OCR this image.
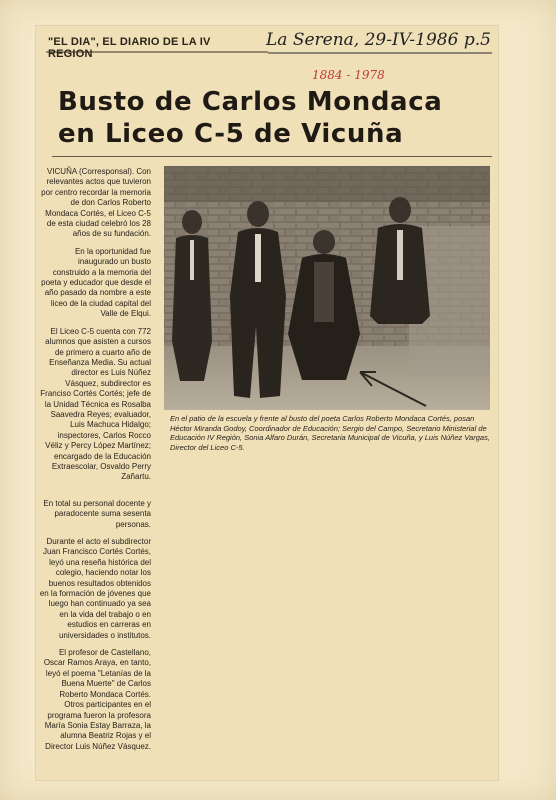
"EL DIA", EL DIARIO DE LA IV REGION
La Serena, 29-IV-1986 p.5
1884 - 1978
Busto de Carlos Mondaca
en Liceo C-5 de Vicuña

VICUÑA (Corresponsal). Con relevantes actos que tuvieron por centro recordar la memoria de don Carlos Roberto Mondaca Cortés, el Liceo C-5 de esta ciudad celebró los 28 años de su fundación.

En la oportunidad fue inaugurado un busto construido a la memoria del poeta y educador que desde el año pasado da nombre a este liceo de la ciudad capital del Valle de Elqui.

El Liceo C-5 cuenta con 772 alumnos que asisten a cursos de primero a cuarto año de Enseñanza Media. Su actual director es Luis Núñez Vásquez, subdirector es Franciso Cortés Cortés; jefe de la Unidad Técnica es Rosalba Saavedra Reyes; evaluador, Luis Machuca Hidalgo; inspectores, Carlos Rocco Véliz y Percy López Martínez; encargado de la Educación Extraescolar, Osvaldo Perry Zañartu.

En total su personal docente y paradocente suma sesenta personas.

Durante el acto el subdirector Juan Francisco Cortés Cortés, leyó una reseña histórica del colegio, haciendo notar los buenos resultados obtenidos en la formación de jóvenes que luego han continuado ya sea en la vida del trabajo o en estudios en carreras en universidades o institutos.

El profesor de Castellano, Oscar Ramos Araya, en tanto, leyó el poema "Letanías de la Buena Muerte" de Carlos Roberto Mondaca Cortés. Otros participantes en el programa fueron la profesora María Sonia Estay Barraza, la alumna Beatriz Rojas y el Director Luis Núñez Vásquez.

En el patio de la escuela y frente al busto del poeta Carlos Roberto Mondaca Cortés, posan Héctor Miranda Godoy, Coordinador de Educación; Sergio del Campo, Secretario Ministerial de Educación IV Región, Sonia Alfaro Durán, Secretaria Municipal de Vicuña, y Luis Núñez Vargas, Director del Liceo C-5.
